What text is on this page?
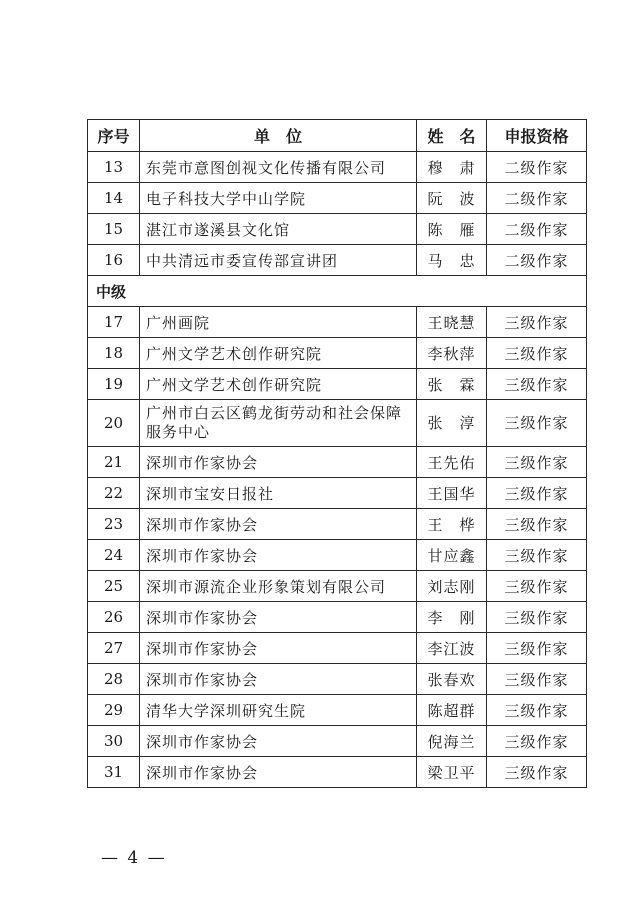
序号	单　位	姓　名	申报资格
13	东莞市意图创视文化传播有限公司	穆　肃	二级作家
14	电子科技大学中山学院	阮　波	二级作家
15	湛江市遂溪县文化馆	陈　雁	二级作家
16	中共清远市委宣传部宣讲团	马　忠	二级作家
中级			
17	广州画院	王晓慧	三级作家
18	广州文学艺术创作研究院	李秋萍	三级作家
19	广州文学艺术创作研究院	张　霖	三级作家
20	广州市白云区鹤龙街劳动和社会保障服务中心	张　淳	三级作家
21	深圳市作家协会	王先佑	三级作家
22	深圳市宝安日报社	王国华	三级作家
23	深圳市作家协会	王　桦	三级作家
24	深圳市作家协会	甘应鑫	三级作家
25	深圳市源流企业形象策划有限公司	刘志刚	三级作家
26	深圳市作家协会	李　刚	三级作家
27	深圳市作家协会	李江波	三级作家
28	深圳市作家协会	张春欢	三级作家
29	清华大学深圳研究生院	陈超群	三级作家
30	深圳市作家协会	倪海兰	三级作家
31	深圳市作家协会	梁卫平	三级作家
— 4 —
